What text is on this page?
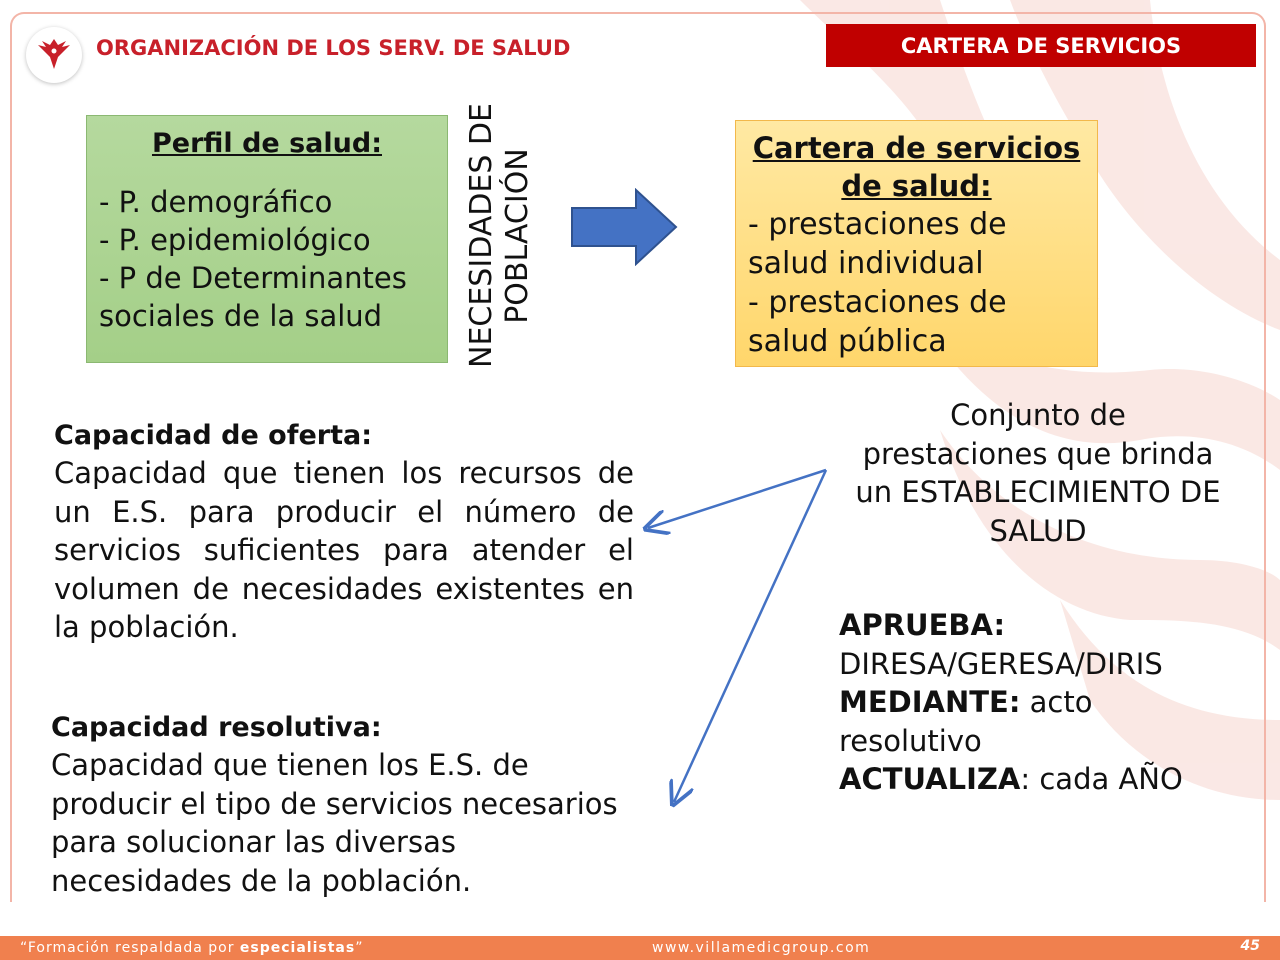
ORGANIZACIÓN DE LOS SERV. DE SALUD	CARTERA DE SERVICIOS
Perfil de salud:
- P. demográfico
- P. epidemiológico
- P de Determinantes
sociales de la salud	NECESIDADES DE POBLACIÓN
Cartera de servicios
de salud:
- prestaciones de
salud individual
- prestaciones de
salud pública
Capacidad de oferta:
Capacidad que tienen los recursos de un E.S. para producir el número de servicios suficientes para atender el volumen de necesidades existentes en la población.
Capacidad resolutiva:
Capacidad que tienen los E.S. de
producir el tipo de servicios necesarios
para solucionar las diversas
necesidades de la población.
Conjunto de
prestaciones que brinda
un ESTABLECIMIENTO DE
SALUD
APRUEBA:
DIRESA/GERESA/DIRIS
MEDIANTE: acto
resolutivo
ACTUALIZA: cada AÑO
“Formación respaldada por especialistas”	www.villamedicgroup.com	45
